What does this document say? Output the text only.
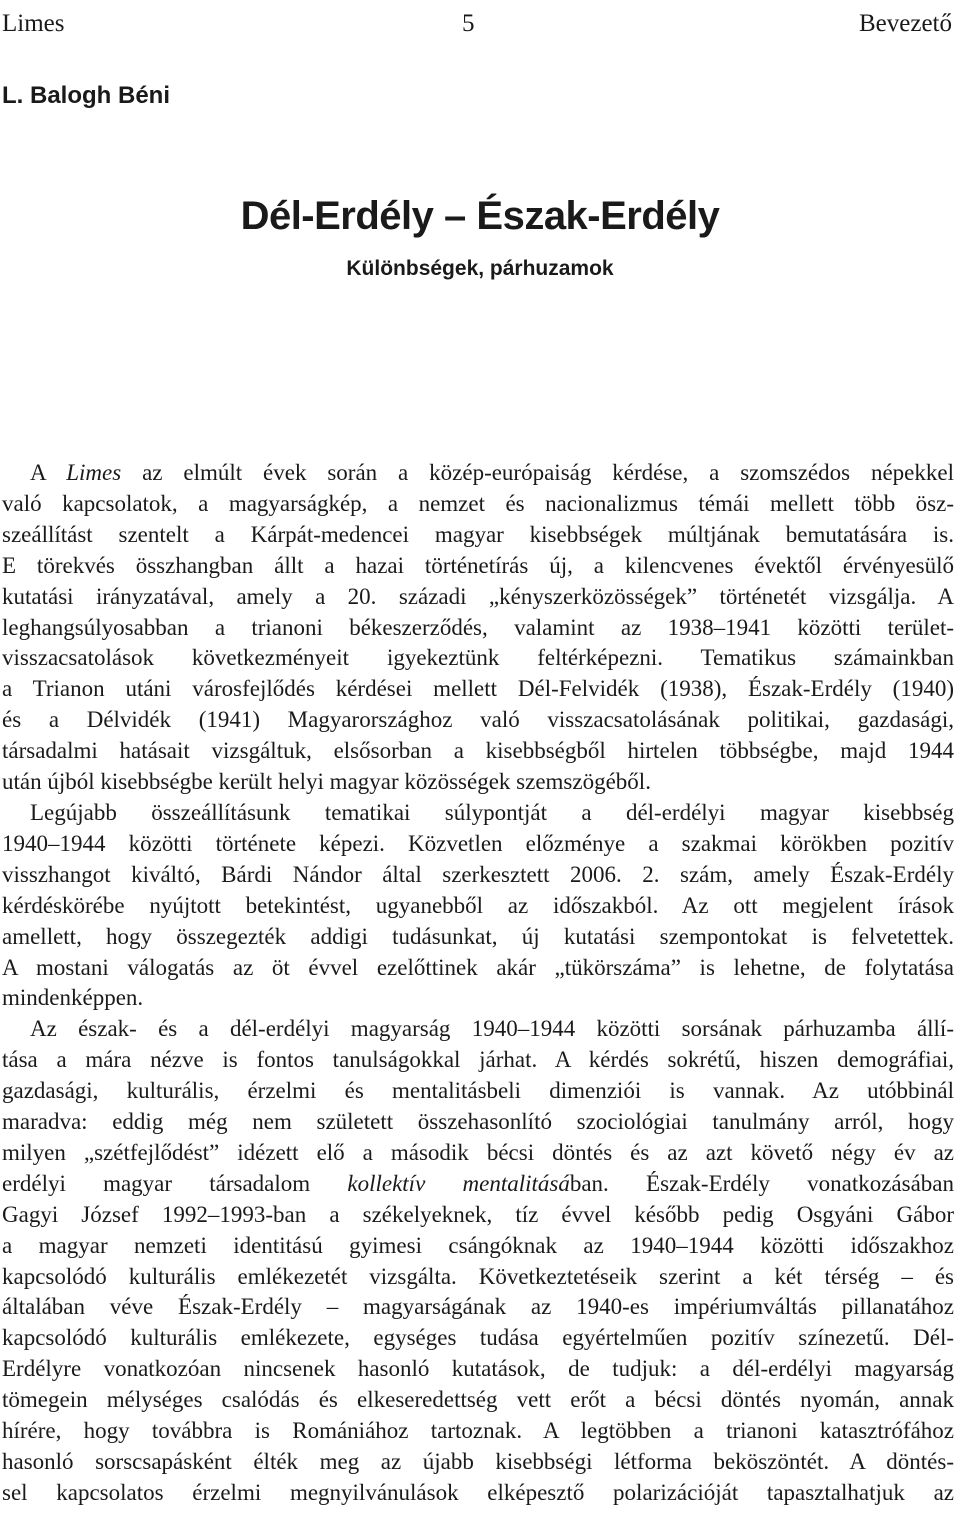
Limes	5	Bevezető
L. Balogh Béni
Dél-Erdély – Észak-Erdély
Különbségek, párhuzamok
A Limes az elmúlt évek során a közép-európaiság kérdése, a szomszédos népekkel
való kapcsolatok, a magyarságkép, a nemzet és nacionalizmus témái mellett több ösz-
szeállítást szentelt a Kárpát-medencei magyar kisebbségek múltjának bemutatására is.
E törekvés összhangban állt a hazai történetírás új, a kilencvenes évektől érvényesülő
kutatási irányzatával, amely a 20. századi „kényszerközösségek” történetét vizsgálja. A
leghangsúlyosabban a trianoni békeszerződés, valamint az 1938–1941 közötti terület-
visszacsatolások következményeit igyekeztünk feltérképezni. Tematikus számainkban
a Trianon utáni városfejlődés kérdései mellett Dél-Felvidék (1938), Észak-Erdély (1940)
és a Délvidék (1941) Magyarországhoz való visszacsatolásának politikai, gazdasági,
társadalmi hatásait vizsgáltuk, elsősorban a kisebbségből hirtelen többségbe, majd 1944
után újból kisebbségbe került helyi magyar közösségek szemszögéből.
Legújabb összeállításunk tematikai súlypontját a dél-erdélyi magyar kisebbség
1940–1944 közötti története képezi. Közvetlen előzménye a szakmai körökben pozitív
visszhangot kiváltó, Bárdi Nándor által szerkesztett 2006. 2. szám, amely Észak-Erdély
kérdéskörébe nyújtott betekintést, ugyanebből az időszakból. Az ott megjelent írások
amellett, hogy összegezték addigi tudásunkat, új kutatási szempontokat is felvetettek.
A mostani válogatás az öt évvel ezelőttinek akár „tükörszáma” is lehetne, de folytatása
mindenképpen.
Az észak- és a dél-erdélyi magyarság 1940–1944 közötti sorsának párhuzamba állí-
tása a mára nézve is fontos tanulságokkal járhat. A kérdés sokrétű, hiszen demográfiai,
gazdasági, kulturális, érzelmi és mentalitásbeli dimenziói is vannak. Az utóbbinál
maradva: eddig még nem született összehasonlító szociológiai tanulmány arról, hogy
milyen „szétfejlődést” idézett elő a második bécsi döntés és az azt követő négy év az
erdélyi magyar társadalom kollektív mentalitásában. Észak-Erdély vonatkozásában
Gagyi József 1992–1993-ban a székelyeknek, tíz évvel később pedig Osgyáni Gábor
a magyar nemzeti identitású gyimesi csángóknak az 1940–1944 közötti időszakhoz
kapcsolódó kulturális emlékezetét vizsgálta. Következtetéseik szerint a két térség – és
általában véve Észak-Erdély – magyarságának az 1940-es impériumváltás pillanatához
kapcsolódó kulturális emlékezete, egységes tudása egyértelműen pozitív színezetű. Dél-
Erdélyre vonatkozóan nincsenek hasonló kutatások, de tudjuk: a dél-erdélyi magyarság
tömegein mélységes csalódás és elkeseredettség vett erőt a bécsi döntés nyomán, annak
hírére, hogy továbbra is Romániához tartoznak. A legtöbben a trianoni katasztrófához
hasonló sorscsapásként élték meg az újabb kisebbségi létforma beköszöntét. A döntés-
sel kapcsolatos érzelmi megnyilvánulások elképesztő polarizációját tapasztalhatjuk az
